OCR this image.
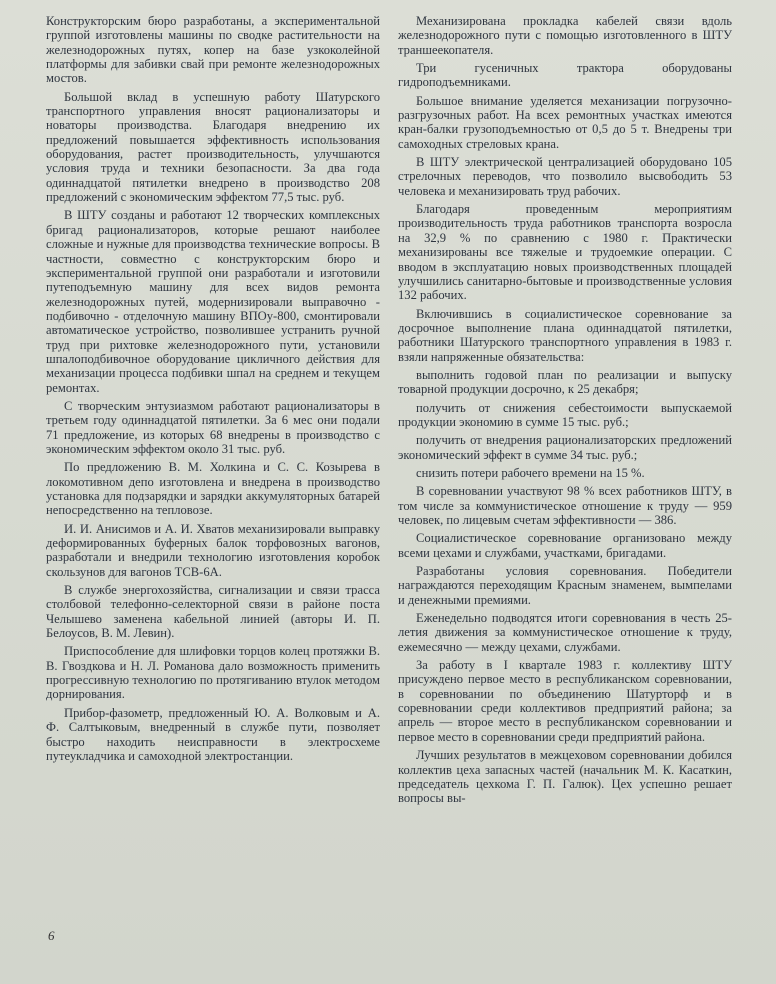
Конструкторским бюро разработаны, а экспериментальной группой изготовлены машины по сводке растительности на железнодорожных путях, копер на базе узкоколейной платформы для забивки свай при ремонте железнодорожных мостов.

Большой вклад в успешную работу Шатурского транспортного управления вносят рационализаторы и новаторы производства. Благодаря внедрению их предложений повышается эффективность использования оборудования, растет производительность, улучшаются условия труда и техники безопасности. За два года одиннадцатой пятилетки внедрено в производство 208 предложений с экономическим эффектом 77,5 тыс. руб.

В ШТУ созданы и работают 12 творческих комплексных бригад рационализаторов, которые решают наиболее сложные и нужные для производства технические вопросы. В частности, совместно с конструкторским бюро и экспериментальной группой они разработали и изготовили путеподъемную машину для всех видов ремонта железнодорожных путей, модернизировали выправочно - подбивочно - отделочную машину ВПОу-800, смонтировали автоматическое устройство, позволившее устранить ручной труд при рихтовке железнодорожного пути, установили шпалоподбивочное оборудование цикличного действия для механизации процесса подбивки шпал на среднем и текущем ремонтах.

С творческим энтузиазмом работают рационализаторы в третьем году одиннадцатой пятилетки. За 6 мес они подали 71 предложение, из которых 68 внедрены в производство с экономическим эффектом около 31 тыс. руб.

По предложению В. М. Холкина и С. С. Козырева в локомотивном депо изготовлена и внедрена в производство установка для подзарядки и зарядки аккумуляторных батарей непосредственно на тепловозе.

И. И. Анисимов и А. И. Хватов механизировали выправку деформированных буферных балок торфовозных вагонов, разработали и внедрили технологию изготовления коробок скользунов для вагонов ТСВ-6А.

В службе энергохозяйства, сигнализации и связи трасса столбовой телефонно-селекторной связи в районе поста Челышево заменена кабельной линией (авторы И. П. Белоусов, В. М. Левин).

Приспособление для шлифовки торцов колец протяжки В. В. Гвоздкова и Н. Л. Романова дало возможность применить прогрессивную технологию по протягиванию втулок методом дорнирования.

Прибор-фазометр, предложенный Ю. А. Волковым и А. Ф. Салтыковым, внедренный в службе пути, позволяет быстро находить неисправности в электросхеме путеукладчика и самоходной электростанции.

Механизирована прокладка кабелей связи вдоль железнодорожного пути с помощью изготовленного в ШТУ траншеекопателя.

Три гусеничных трактора оборудованы гидроподъемниками.

Большое внимание уделяется механизации погрузочно-разгрузочных работ. На всех ремонтных участках имеются кран-балки грузоподъемностью от 0,5 до 5 т. Внедрены три самоходных стреловых крана.

В ШТУ электрической централизацией оборудовано 105 стрелочных переводов, что позволило высвободить 53 человека и механизировать труд рабочих.

Благодаря проведенным мероприятиям производительность труда работников транспорта возросла на 32,9 % по сравнению с 1980 г. Практически механизированы все тяжелые и трудоемкие операции. С вводом в эксплуатацию новых производственных площадей улучшились санитарно-бытовые и производственные условия 132 рабочих.

Включившись в социалистическое соревнование за досрочное выполнение плана одиннадцатой пятилетки, работники Шатурского транспортного управления в 1983 г. взяли напряженные обязательства:

выполнить годовой план по реализации и выпуску товарной продукции досрочно, к 25 декабря;

получить от снижения себестоимости выпускаемой продукции экономию в сумме 15 тыс. руб.;

получить от внедрения рационализаторских предложений экономический эффект в сумме 34 тыс. руб.;

снизить потери рабочего времени на 15 %.

В соревновании участвуют 98 % всех работников ШТУ, в том числе за коммунистическое отношение к труду — 959 человек, по лицевым счетам эффективности — 386.

Социалистическое соревнование организовано между всеми цехами и службами, участками, бригадами.

Разработаны условия соревнования. Победители награждаются переходящим Красным знаменем, вымпелами и денежными премиями.

Еженедельно подводятся итоги соревнования в честь 25-летия движения за коммунистическое отношение к труду, ежемесячно — между цехами, службами.

За работу в I квартале 1983 г. коллективу ШТУ присуждено первое место в республиканском соревновании, в соревновании по объединению Шатурторф и в соревновании среди коллективов предприятий района; за апрель — второе место в республиканском соревновании и первое место в соревновании среди предприятий района.

Лучших результатов в межцеховом соревновании добился коллектив цеха запасных частей (начальник М. К. Касаткин, председатель цехкома Г. П. Галюк). Цех успешно решает вопросы вы-

6
